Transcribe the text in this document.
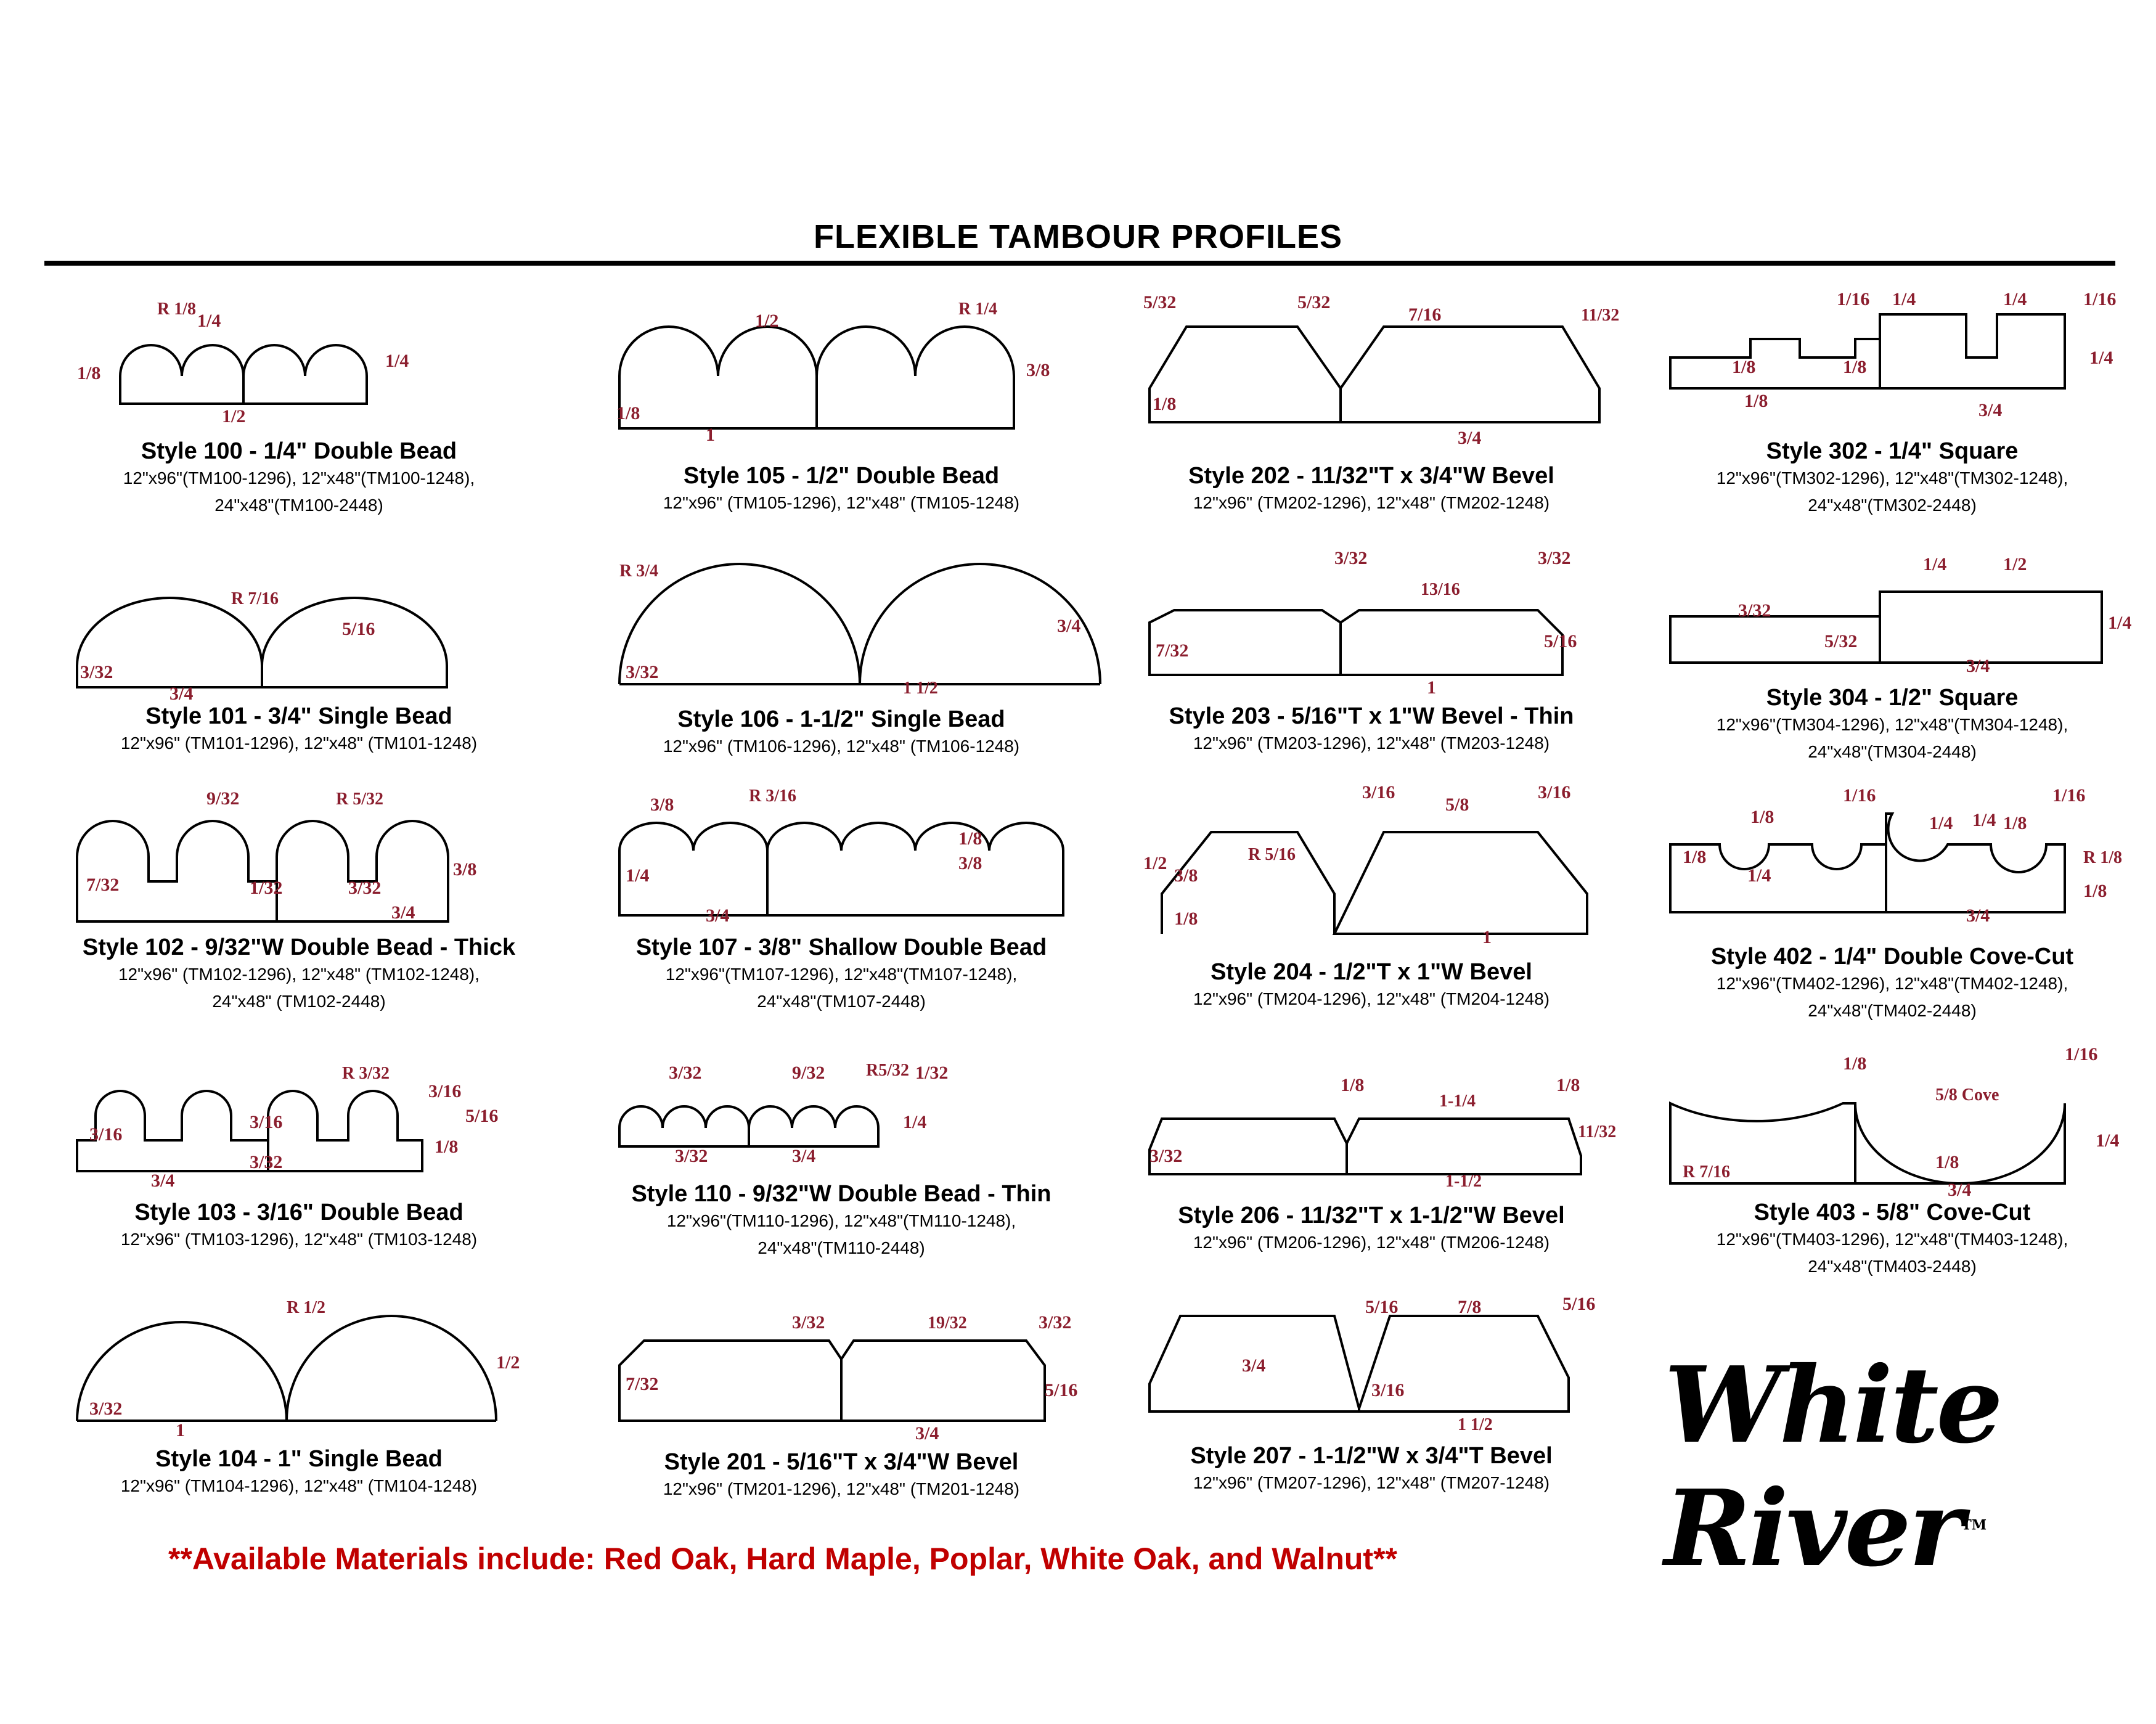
FLEXIBLE TAMBOUR PROFILES
R 1/8
1/4
1/8
1/4
1/2
Style 100 - 1/4" Double Bead
12"x96"(TM100-1296), 12"x48"(TM100-1248),
24"x48"(TM100-2448)
1/2
R 1/4
1/8
3/8
1
Style 105 - 1/2" Double Bead
12"x96" (TM105-1296), 12"x48" (TM105-1248)
5/32	5/32
7/16	11/32
1/8
3/4
Style 202 - 11/32"T x 3/4"W Bevel
12"x96" (TM202-1296), 12"x48" (TM202-1248)
1/16 1/4	1/4	1/16
1/8	1/8
1/8
1/4
3/4
Style 302 - 1/4" Square
12"x96"(TM302-1296), 12"x48"(TM302-1248),
24"x48"(TM302-2448)
R 7/16
5/16
3/32
3/4
Style 101 - 3/4" Single Bead
12"x96" (TM101-1296), 12"x48" (TM101-1248)
R 3/4
3/4
3/32
1 1/2
Style 106 - 1-1/2" Single Bead
12"x96" (TM106-1296), 12"x48" (TM106-1248)
3/32
13/16
3/32
7/32	5/16
1
Style 203 - 5/16"T x 1"W Bevel - Thin
12"x96" (TM203-1296), 12"x48" (TM203-1248)
1/4	1/2
3/32
5/32
1/4
3/4
Style 304 - 1/2" Square
12"x96"(TM304-1296), 12"x48"(TM304-1248),
24"x48"(TM304-2448)
9/32	R 5/32
7/32	1/32	3/32
3/8
3/4
Style 102 - 9/32"W Double Bead - Thick
12"x96" (TM102-1296), 12"x48" (TM102-1248),
24"x48" (TM102-2448)
3/8	R 3/16
1/8
3/8
1/4
3/4
Style 107 - 3/8" Shallow Double Bead
12"x96"(TM107-1296), 12"x48"(TM107-1248),
24"x48"(TM107-2448)
3/16
5/8
3/16
1/2
3/8
R 5/16
1/8
1
Style 204 - 1/2"T x 1"W Bevel
12"x96" (TM204-1296), 12"x48" (TM204-1248)
1/16	1/16
1/8	1/4	1/8
1/4
1/8
1/4
R 1/8
1/8
3/4
Style 402 - 1/4" Double Cove-Cut
12"x96"(TM402-1296), 12"x48"(TM402-1248),
24"x48"(TM402-2448)
R 3/32
3/16
3/16
3/16	5/16
1/8
3/32
3/4
Style 103 - 3/16" Double Bead
12"x96" (TM103-1296), 12"x48" (TM103-1248)
3/32	9/32 R5/32 1/32
1/4
3/32	3/4
Style 110 - 9/32"W Double Bead - Thin
12"x96"(TM110-1296), 12"x48"(TM110-1248),
24"x48"(TM110-2448)
1/8
1-1/4
1/8
11/32
3/32
1-1/2
Style 206 - 11/32"T x 1-1/2"W Bevel
12"x96" (TM206-1296), 12"x48" (TM206-1248)
1/8	1/16
5/8 Cove
1/4
R 7/16	1/8
3/4
Style 403 - 5/8" Cove-Cut
12"x96"(TM403-1296), 12"x48"(TM403-1248),
24"x48"(TM403-2448)
R 1/2
1/2
3/32
1
Style 104 - 1" Single Bead
12"x96" (TM104-1296), 12"x48" (TM104-1248)
3/32	19/32	3/32
7/32	5/16
3/4
Style 201 - 5/16"T x 3/4"W Bevel
12"x96" (TM201-1296), 12"x48" (TM201-1248)
5/16	7/8	5/16
3/4
3/16
1 1/2
Style 207 - 1-1/2"W x 3/4"T Bevel
12"x96" (TM207-1296), 12"x48" (TM207-1248)
**Available Materials include: Red Oak, Hard Maple, Poplar, White Oak, and Walnut**
White River™
